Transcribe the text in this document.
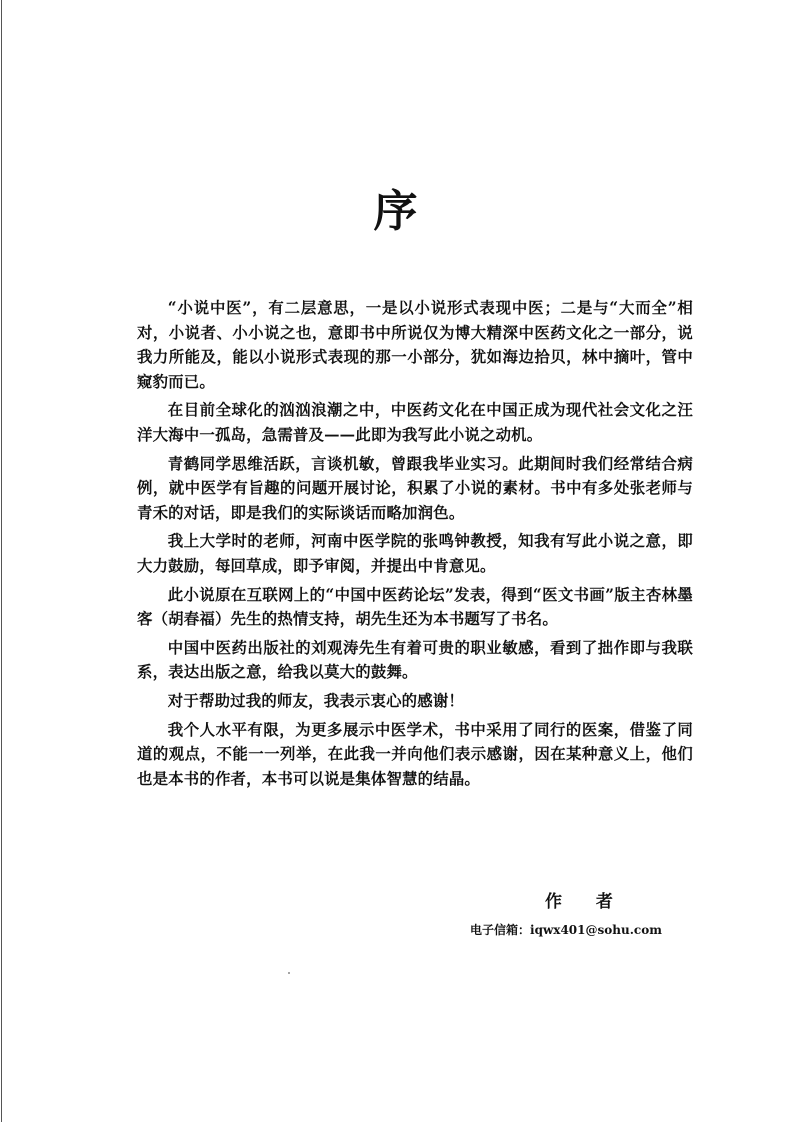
序

“小说中医”，有二层意思，一是以小说形式表现中医；二是与“大而全”相对，小说者、小小说之也，意即书中所说仅为博大精深中医药文化之一部分，说我力所能及，能以小说形式表现的那一小部分，犹如海边拾贝，林中摘叶，管中窥豹而已。

在目前全球化的汹汹浪潮之中，中医药文化在中国正成为现代社会文化之汪洋大海中一孤岛，急需普及——此即为我写此小说之动机。

青鹤同学思维活跃，言谈机敏，曾跟我毕业实习。此期间时我们经常结合病例，就中医学有旨趣的问题开展讨论，积累了小说的素材。书中有多处张老师与青禾的对话，即是我们的实际谈话而略加润色。

我上大学时的老师，河南中医学院的张鸣钟教授，知我有写此小说之意，即大力鼓励，每回草成，即予审阅，并提出中肯意见。

此小说原在互联网上的“中国中医药论坛”发表，得到“医文书画”版主杏林墨客（胡春福）先生的热情支持，胡先生还为本书题写了书名。

中国中医药出版社的刘观涛先生有着可贵的职业敏感，看到了拙作即与我联系，表达出版之意，给我以莫大的鼓舞。

对于帮助过我的师友，我表示衷心的感谢！

我个人水平有限，为更多展示中医学术，书中采用了同行的医案，借鉴了同道的观点，不能一一列举，在此我一并向他们表示感谢，因在某种意义上，他们也是本书的作者，本书可以说是集体智慧的结晶。

作 者
电子信箱：iqwx401@sohu.com
